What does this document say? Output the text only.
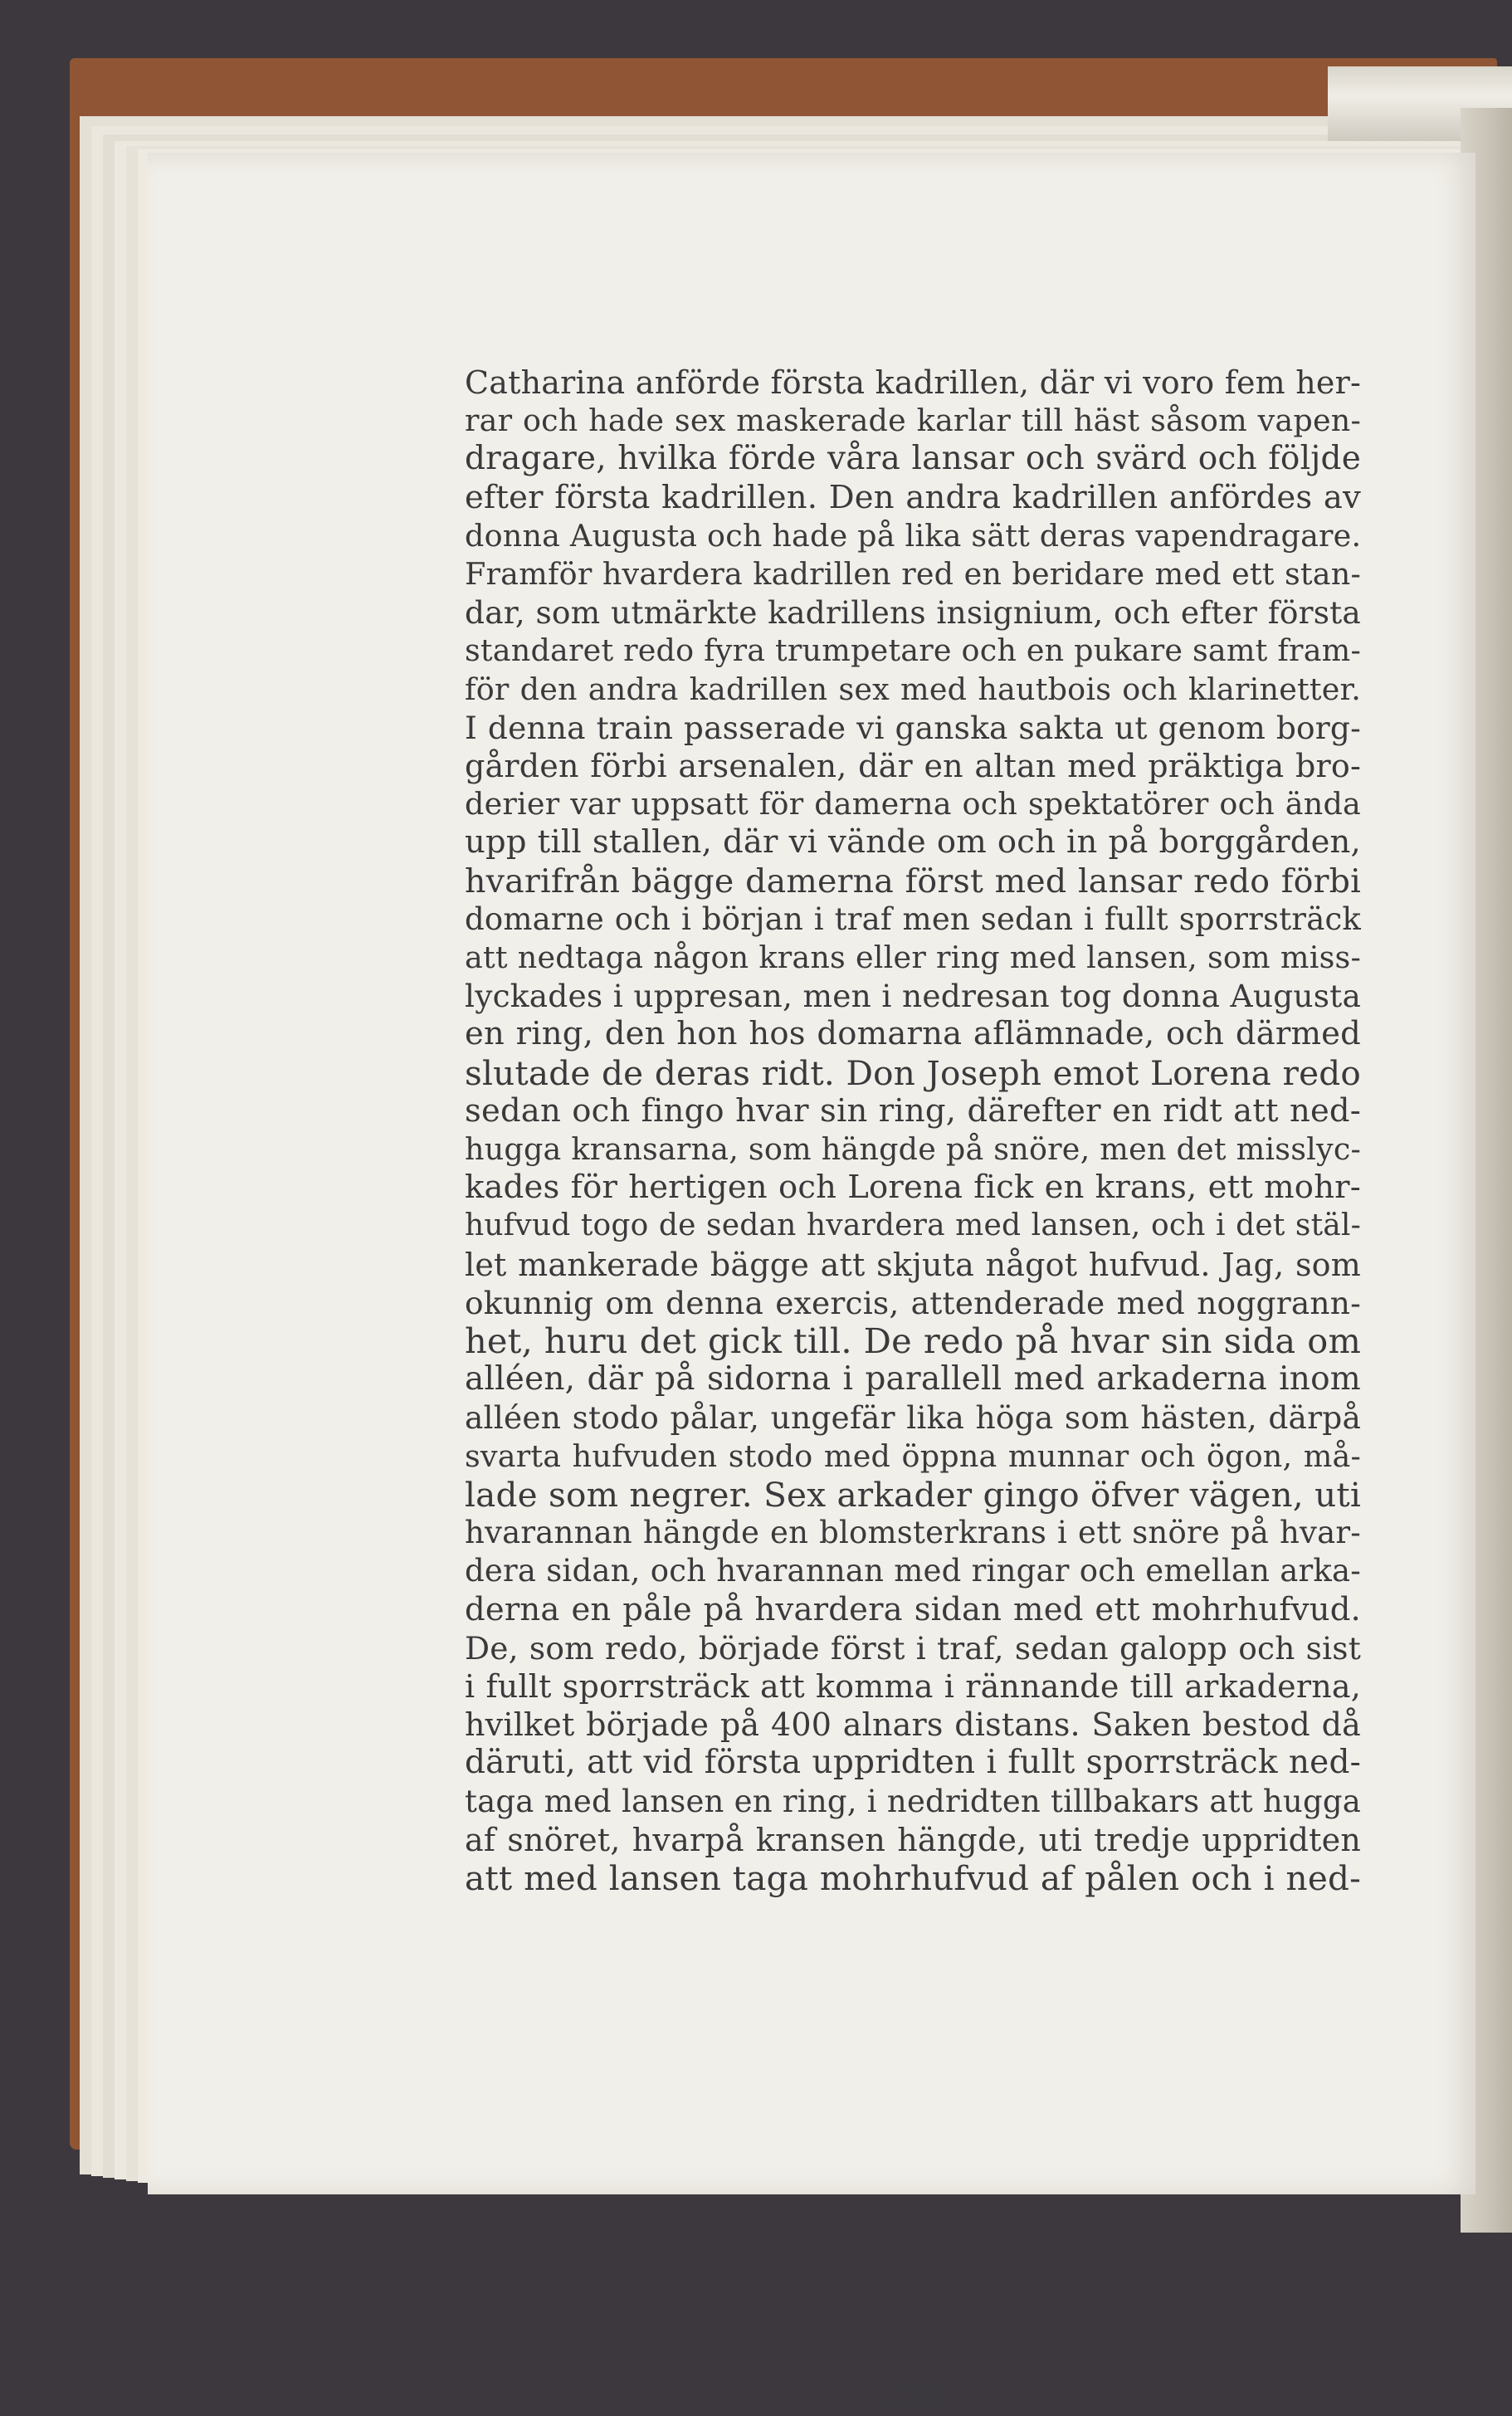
Catharina anförde första kadrillen, där vi voro fem her-
rar och hade sex maskerade karlar till häst såsom vapen-
dragare, hvilka förde våra lansar och svärd och följde
efter första kadrillen. Den andra kadrillen anfördes av
donna Augusta och hade på lika sätt deras vapendragare.
Framför hvardera kadrillen red en beridare med ett stan-
dar, som utmärkte kadrillens insignium, och efter första
standaret redo fyra trumpetare och en pukare samt fram-
för den andra kadrillen sex med hautbois och klarinetter.
I denna train passerade vi ganska sakta ut genom borg-
gården förbi arsenalen, där en altan med präktiga bro-
derier var uppsatt för damerna och spektatörer och ända
upp till stallen, där vi vände om och in på borggården,
hvarifrån bägge damerna först med lansar redo förbi
domarne och i början i traf men sedan i fullt sporrsträck
att nedtaga någon krans eller ring med lansen, som miss-
lyckades i uppresan, men i nedresan tog donna Augusta
en ring, den hon hos domarna aflämnade, och därmed
slutade de deras ridt. Don Joseph emot Lorena redo
sedan och fingo hvar sin ring, därefter en ridt att ned-
hugga kransarna, som hängde på snöre, men det misslyc-
kades för hertigen och Lorena fick en krans, ett mohr-
hufvud togo de sedan hvardera med lansen, och i det stäl-
let mankerade bägge att skjuta något hufvud. Jag, som
okunnig om denna exercis, attenderade med noggrann-
het, huru det gick till. De redo på hvar sin sida om
alléen, där på sidorna i parallell med arkaderna inom
alléen stodo pålar, ungefär lika höga som hästen, därpå
svarta hufvuden stodo med öppna munnar och ögon, må-
lade som negrer. Sex arkader gingo öfver vägen, uti
hvarannan hängde en blomsterkrans i ett snöre på hvar-
dera sidan, och hvarannan med ringar och emellan arka-
derna en påle på hvardera sidan med ett mohrhufvud.
De, som redo, började först i traf, sedan galopp och sist
i fullt sporrsträck att komma i rännande till arkaderna,
hvilket började på 400 alnars distans. Saken bestod då
däruti, att vid första uppridten i fullt sporrsträck ned-
taga med lansen en ring, i nedridten tillbakars att hugga
af snöret, hvarpå kransen hängde, uti tredje uppridten
att med lansen taga mohrhufvud af pålen och i ned-
230
